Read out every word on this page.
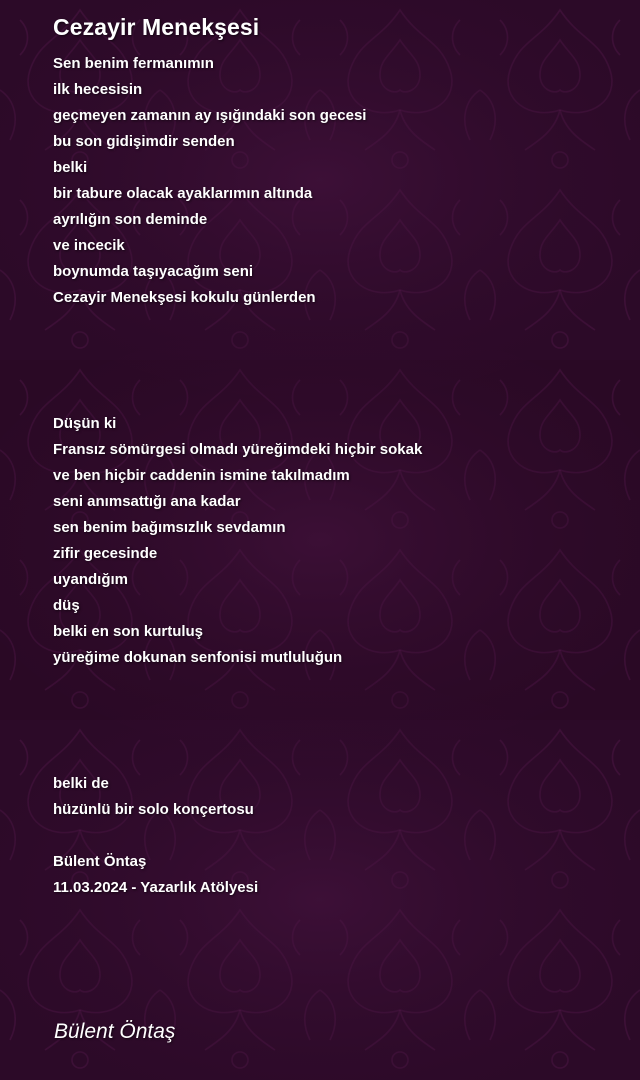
Cezayir Menekşesi
Sen benim fermanımın
ilk hecesisin
geçmeyen zamanın ay ışığındaki son gecesi
bu son gidişimdir senden
belki
bir tabure olacak ayaklarımın altında
ayrılığın son deminde
ve incecik
boynumda taşıyacağım seni
Cezayir Menekşesi kokulu günlerden
Düşün ki
Fransız sömürgesi olmadı yüreğimdeki hiçbir sokak
ve ben hiçbir caddenin ismine takılmadım
seni anımsattığı ana kadar
sen benim bağımsızlık sevdamın
zifir gecesinde
uyandığım
düş
belki en son kurtuluş
yüreğime dokunan senfonisi mutluluğun
belki de
hüzünlü bir solo konçertosu
Bülent Öntaş
11.03.2024 - Yazarlık Atölyesi
Bülent Öntaş
